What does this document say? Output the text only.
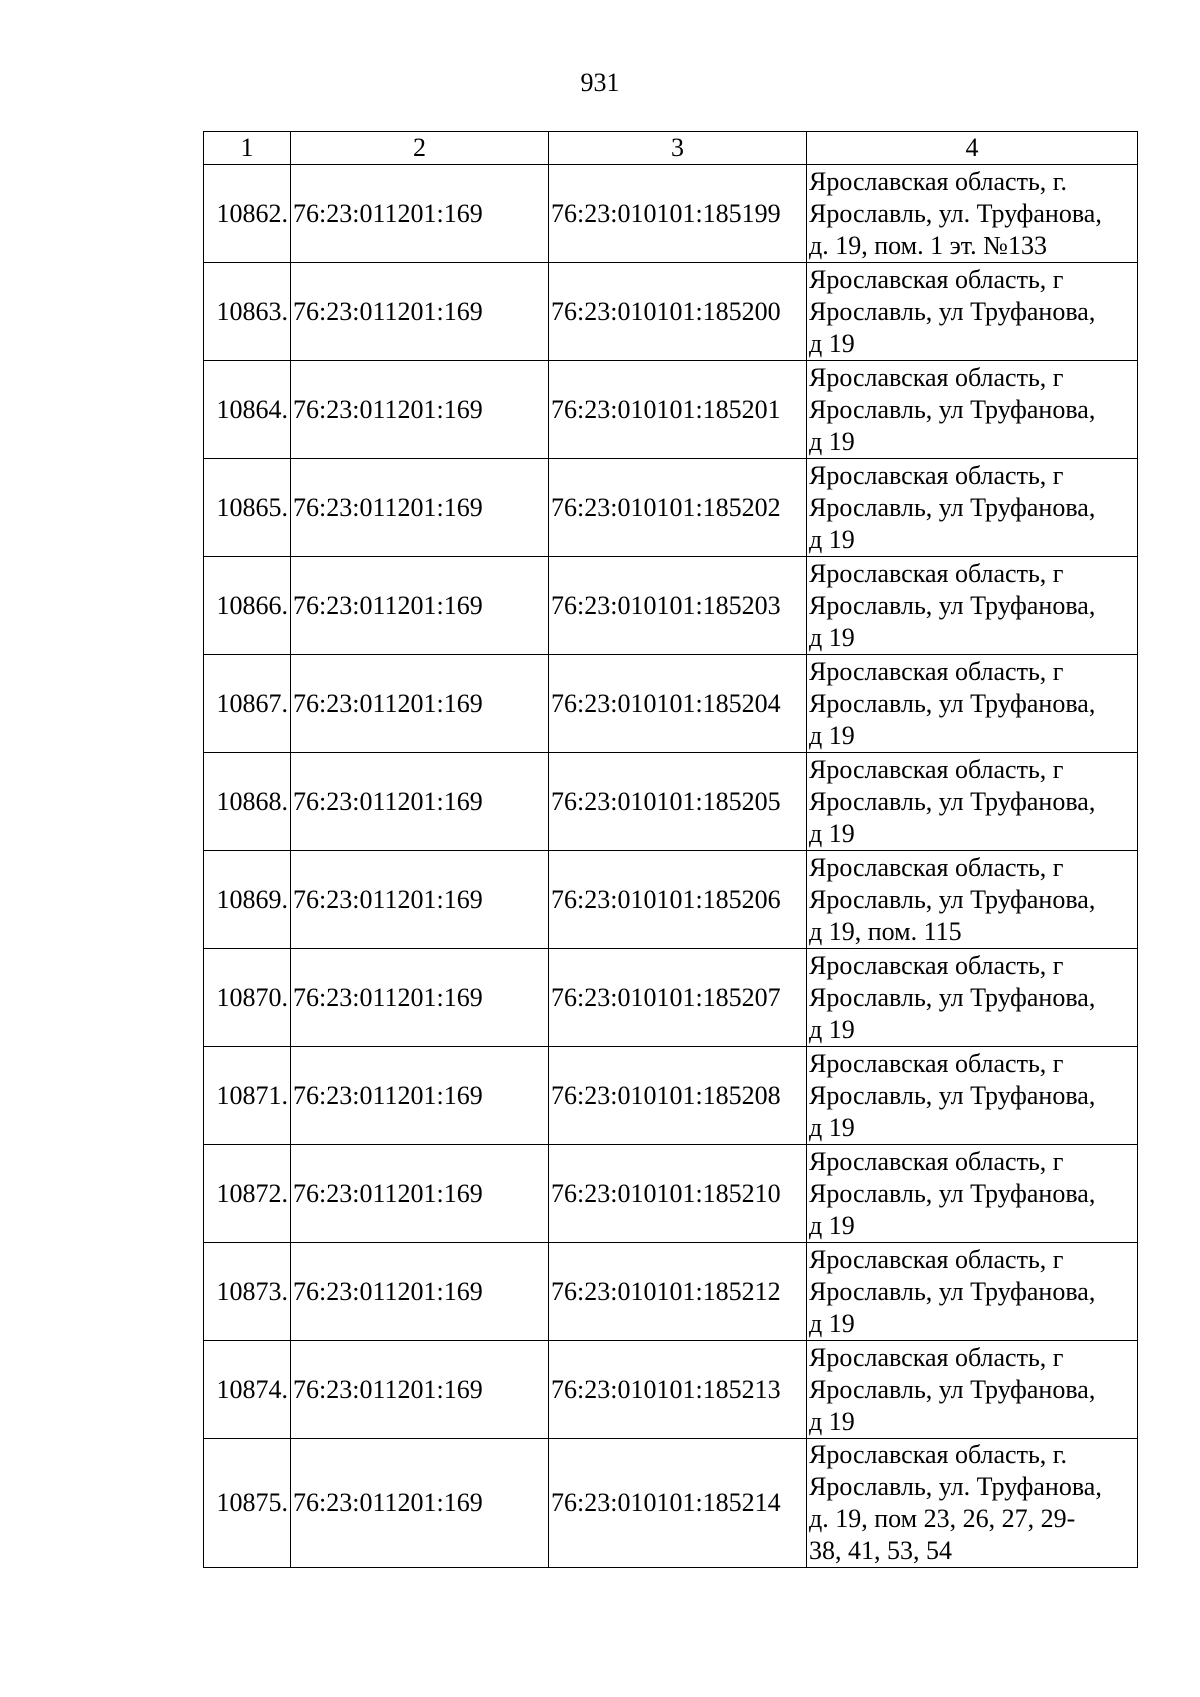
931
1	2	3	4
10862.	76:23:011201:169	76:23:010101:185199	Ярославская область, г.
Ярославль, ул. Труфанова,
д. 19, пом. 1 эт. №133

10863.	76:23:011201:169	76:23:010101:185200	Ярославская область, г
Ярославль, ул Труфанова,
д 19

10864.	76:23:011201:169	76:23:010101:185201	Ярославская область, г
Ярославль, ул Труфанова,
д 19

10865.	76:23:011201:169	76:23:010101:185202	Ярославская область, г
Ярославль, ул Труфанова,
д 19

10866.	76:23:011201:169	76:23:010101:185203	Ярославская область, г
Ярославль, ул Труфанова,
д 19

10867.	76:23:011201:169	76:23:010101:185204	Ярославская область, г
Ярославль, ул Труфанова,
д 19

10868.	76:23:011201:169	76:23:010101:185205	Ярославская область, г
Ярославль, ул Труфанова,
д 19

10869.	76:23:011201:169	76:23:010101:185206	Ярославская область, г
Ярославль, ул Труфанова,
д 19, пом. 115

10870.	76:23:011201:169	76:23:010101:185207	Ярославская область, г
Ярославль, ул Труфанова,
д 19

10871.	76:23:011201:169	76:23:010101:185208	Ярославская область, г
Ярославль, ул Труфанова,
д 19

10872.	76:23:011201:169	76:23:010101:185210	Ярославская область, г
Ярославль, ул Труфанова,
д 19

10873.	76:23:011201:169	76:23:010101:185212	Ярославская область, г
Ярославль, ул Труфанова,
д 19

10874.	76:23:011201:169	76:23:010101:185213	Ярославская область, г
Ярославль, ул Труфанова,
д 19

10875.	76:23:011201:169	76:23:010101:185214	Ярославская область, г.
Ярославль, ул. Труфанова,
д. 19, пом 23, 26, 27, 29-
38, 41, 53, 54
